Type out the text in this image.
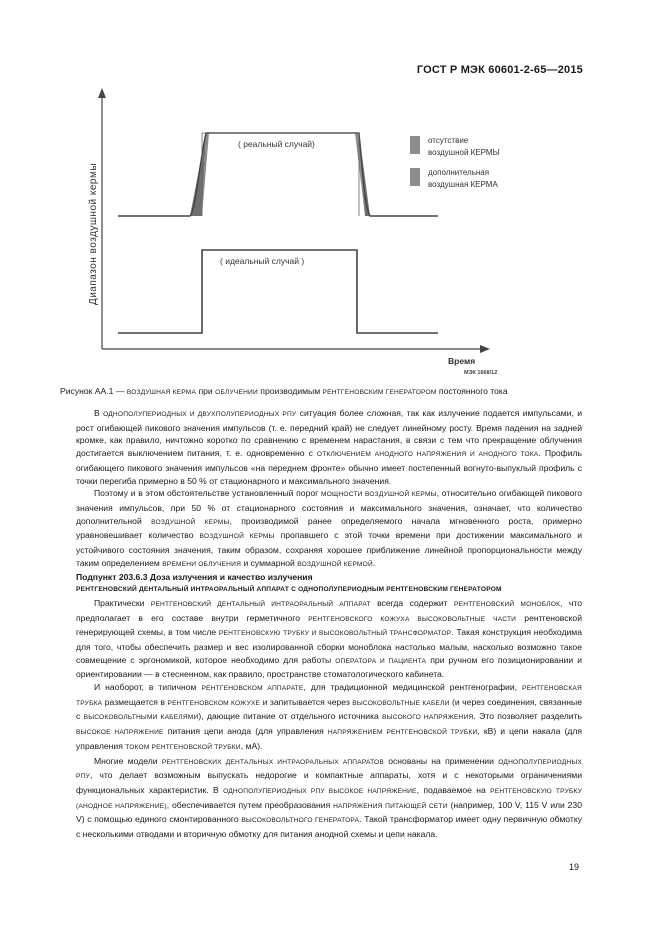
ГОСТ Р МЭК 60601-2-65—2015
Диапазон воздушной кермы
Время
( реальный случай)
( идеальный случай )
отсутствие
воздушной КЕРМЫ
дополнительная
воздушная КЕРМА
МЭК 1668/12
Рисунок АА.1 — ВОЗДУШНАЯ КЕРМА при ОБЛУЧЕНИИ производимым РЕНТГЕНОВСКИМ ГЕНЕРАТОРОМ постоянного тока

В ОДНОПОЛУПЕРИОДНЫХ И ДВУХПОЛУПЕРИОДНЫХ РПУ ситуация более сложная, так как излучение подается импульсами, и рост огибающей пикового значения импульсов (т. е. передний край) не следует линейному росту. Время падения на задней кромке, как правило, ничтожно коротко по сравнению с временем нарастания, в связи с тем что прекращение облучения достигается выключением питания, т. е. одновременно с ОТКЛЮЧЕНИЕМ АНОДНОГО НАПРЯЖЕНИЯ И АНОДНОГО ТОКА. Профиль огибающего пикового значения импульсов «на переднем фронте» обычно имеет постепенный вогнуто-выпуклый профиль с точки перегиба примерно в 50 % от стационарного и максимального значения.

Поэтому и в этом обстоятельстве установленный порог МОЩНОСТИ ВОЗДУШНОЙ КЕРМЫ, относительно огибающей пикового значения импульсов, при 50 % от стационарного состояния и максимального значения, означает, что количество дополнительной ВОЗДУШНОЙ КЕРМЫ, производимой ранее определяемого начала мгновенного роста, примерно уравновешивает количество ВОЗДУШНОЙ КЕРМЫ пропавшего с этой точки времени при достижении максимального и устойчивого состояния значения, таким образом, сохраняя хорошее приближение линейной пропорциональности между таким определением ВРЕМЕНИ ОБЛУЧЕНИЯ и суммарной ВОЗДУШНОЙ КЕРМОЙ.

Подпункт 203.6.3 Доза излучения и качество излучения

РЕНТГЕНОВСКИЙ ДЕНТАЛЬНЫЙ ИНТРАОРАЛЬНЫЙ АППАРАТ С ОДНОПОЛУПЕРИОДНЫМ РЕНТГЕНОВСКИМ ГЕНЕРАТОРОМ

Практически РЕНТГЕНОВСКИЙ ДЕНТАЛЬНЫЙ ИНТРАОРАЛЬНЫЙ АППАРАТ всегда содержит РЕНТГЕНОВСКИЙ МОНОБЛОК, что предполагает в его составе внутри герметичного РЕНТГЕНОВСКОГО КОЖУХА ВЫСОКОВОЛЬТНЫЕ ЧАСТИ рентгеновской генерирующей схемы, в том числе РЕНТГЕНОВСКУЮ ТРУБКУ И ВЫСОКОВОЛЬТНЫЙ ТРАНСФОРМАТОР. Такая конструкция необходима для того, чтобы обеспечить размер и вес изолированной сборки моноблока настолько малым, насколько возможно такое совмещение с эргономикой, которое необходимо для работы ОПЕРАТОРА И ПАЦИЕНТА при ручном его позиционировании и ориентировании — в стесненном, как правило, пространстве стоматологического кабинета.

И наоборот, в типичном РЕНТГЕНОВСКОМ АППАРАТЕ, для традиционной медицинской рентгенографии, РЕНТГЕНОВСКАЯ ТРУБКА размещается в РЕНТГЕНОВСКОМ КОЖУХЕ и запитывается через ВЫСОКОВОЛЬТНЫЕ КАБЕЛИ (и через соединения, связанные с ВЫСОКОВОЛЬТНЫМИ КАБЕЛЯМИ), дающие питание от отдельного источника ВЫСОКОГО НАПРЯЖЕНИЯ. Это позволяет разделить ВЫСОКОЕ НАПРЯЖЕНИЕ питания цепи анода (для управления НАПРЯЖЕНИЕМ РЕНТГЕНОВСКОЙ ТРУБКИ, кВ) и цепи накала (для управления ТОКОМ РЕНТГЕНОВСКОЙ ТРУБКИ, мА).

Многие модели РЕНТГЕНОВСКИХ ДЕНТАЛЬНЫХ ИНТРАОРАЛЬНЫХ АППАРАТОВ основаны на применении ОДНОПОЛУПЕРИОДНЫХ РПУ, что делает возможным выпускать недорогие и компактные аппараты, хотя и с некоторыми ограничениями функциональных характеристик. В ОДНОПОЛУПЕРИОДНЫХ РПУ ВЫСОКОЕ НАПРЯЖЕНИЕ, подаваемое на РЕНТГЕНОВСКУЮ ТРУБКУ (АНОДНОЕ НАПРЯЖЕНИЕ), обеспечивается путем преобразования НАПРЯЖЕНИЯ ПИТАЮЩЕЙ СЕТИ (например, 100 V, 115 V или 230 V) с помощью единого смонтированного ВЫСОКОВОЛЬТНОГО ГЕНЕРАТОРА. Такой трансформатор имеет одну первичную обмотку с несколькими отводами и вторичную обмотку для питания анодной схемы и цепи накала.

19
